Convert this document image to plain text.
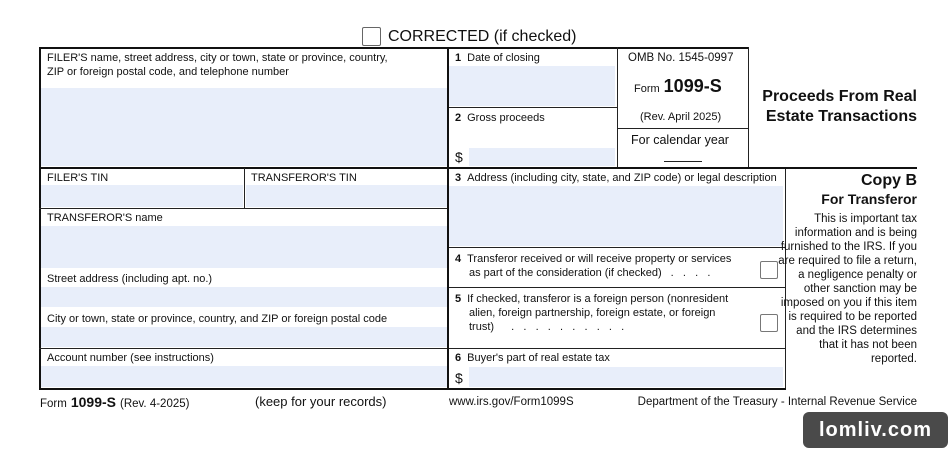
CORRECTED (if checked)
FILER'S name, street address, city or town, state or province, country,
ZIP or foreign postal code, and telephone number
FILER'S TIN	TRANSFEROR'S TIN
TRANSFEROR'S name
Street address (including apt. no.)
City or town, state or province, country, and ZIP or foreign postal code
Account number (see instructions)
1 Date of closing
2 Gross proceeds
$
OMB No. 1545-0997
Form 1099-S
(Rev. April 2025)
For calendar year
3 Address (including city, state, and ZIP code) or legal description
4 Transferor received or will receive property or services
as part of the consideration (if checked) .   .   .   .
5 If checked, transferor is a foreign person (nonresident
alien, foreign partnership, foreign estate, or foreign
trust) .   .   .   .   .   .   .   .   .   .
6 Buyer's part of real estate tax
$
Proceeds From Real
Estate Transactions
Copy B
For Transferor
This is important tax information and is being furnished to the IRS. If you are required to file a return, a negligence penalty or other sanction may be imposed on you if this item is required to be reported and the IRS determines that it has not been reported.
Form 1099-S (Rev. 4-2025)	(keep for your records)	www.irs.gov/Form1099S	Department of the Treasury - Internal Revenue Service
lomliv.com
